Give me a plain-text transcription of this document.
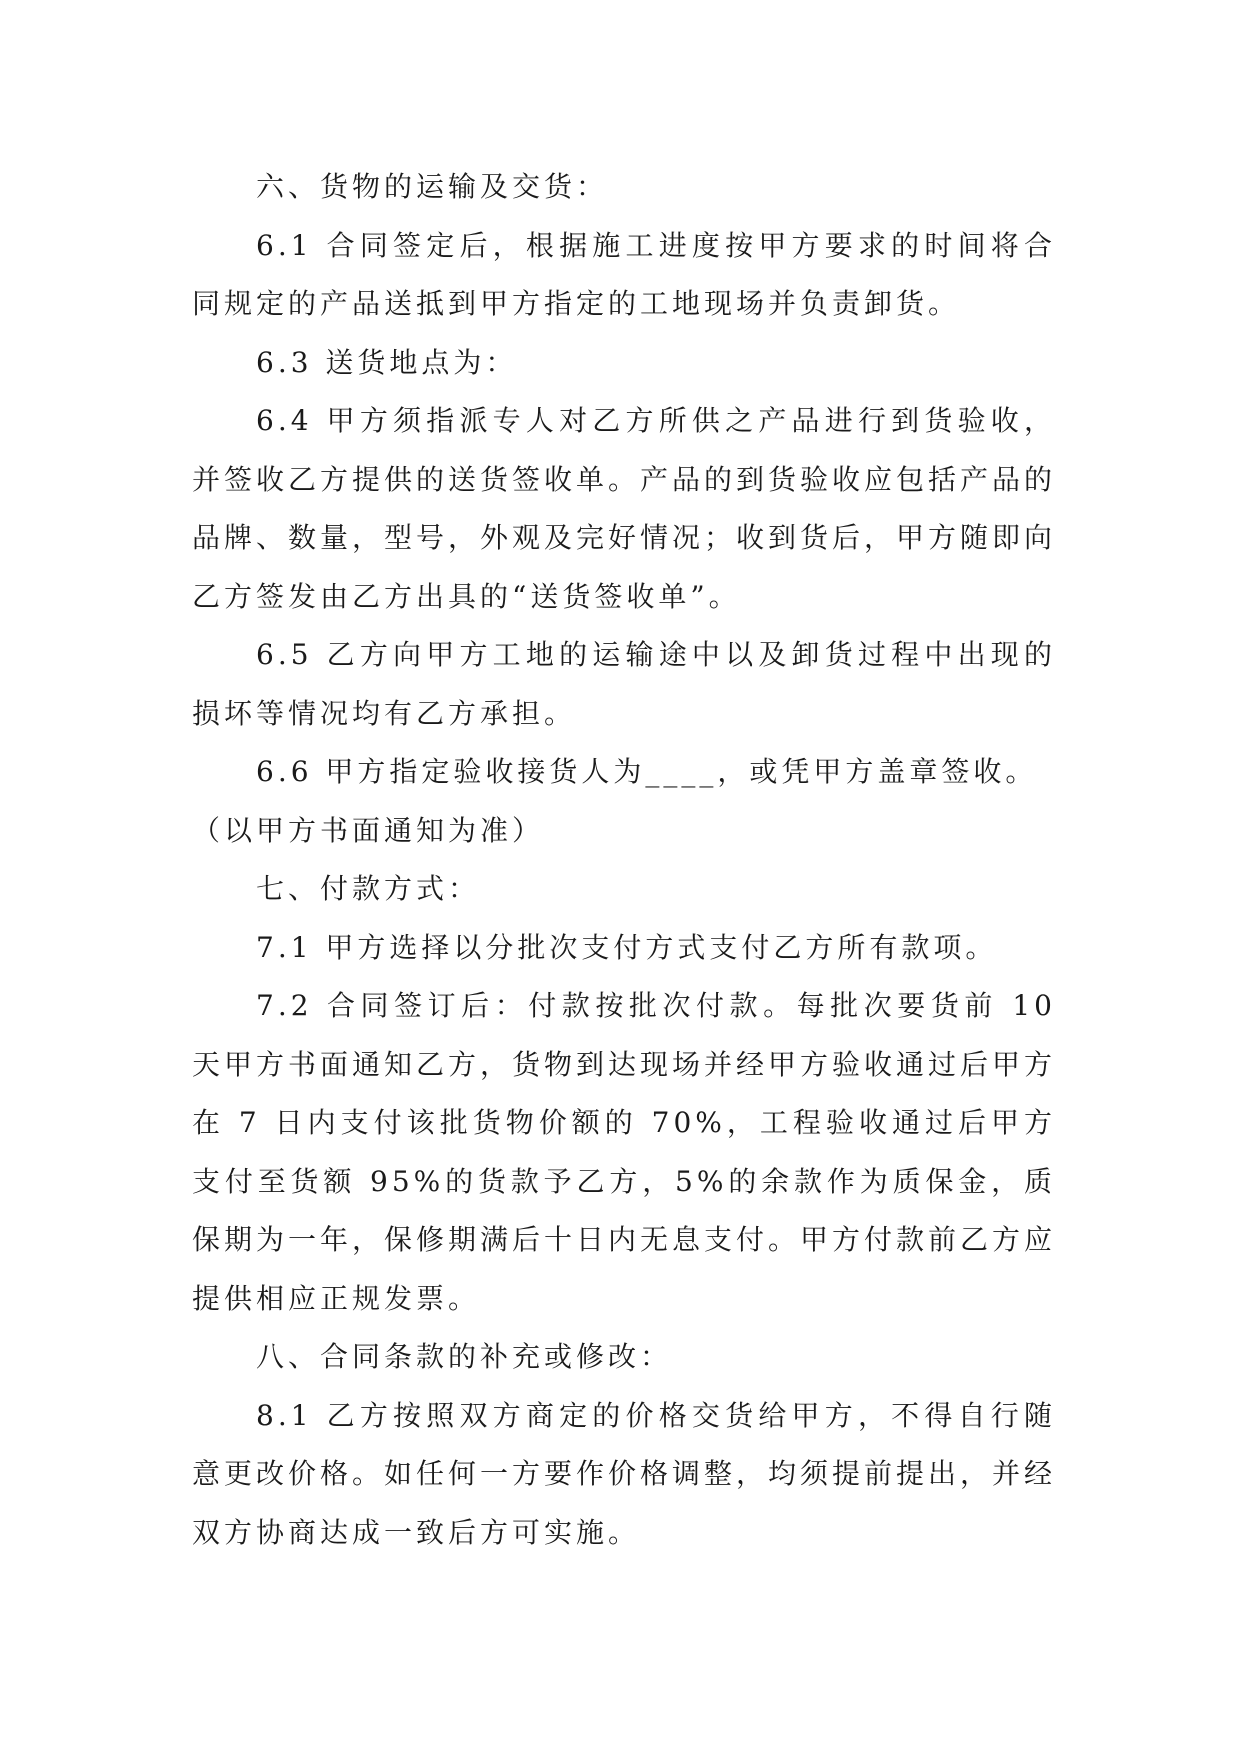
六、货物的运输及交货：

6.1 合同签定后，根据施工进度按甲方要求的时间将合同规定的产品送抵到甲方指定的工地现场并负责卸货。

6.3 送货地点为：

6.4 甲方须指派专人对乙方所供之产品进行到货验收，并签收乙方提供的送货签收单。产品的到货验收应包括产品的品牌、数量，型号，外观及完好情况；收到货后，甲方随即向乙方签发由乙方出具的“送货签收单”。

6.5 乙方向甲方工地的运输途中以及卸货过程中出现的损坏等情况均有乙方承担。

6.6 甲方指定验收接货人为____，或凭甲方盖章签收。

（以甲方书面通知为准）

七、付款方式：

7.1 甲方选择以分批次支付方式支付乙方所有款项。

7.2 合同签订后：付款按批次付款。每批次要货前 10 天甲方书面通知乙方，货物到达现场并经甲方验收通过后甲方在 7 日内支付该批货物价额的 70%，工程验收通过后甲方支付至货额 95%的货款予乙方，5%的余款作为质保金，质保期为一年，保修期满后十日内无息支付。甲方付款前乙方应提供相应正规发票。

八、合同条款的补充或修改：

8.1 乙方按照双方商定的价格交货给甲方，不得自行随意更改价格。如任何一方要作价格调整，均须提前提出，并经双方协商达成一致后方可实施。
